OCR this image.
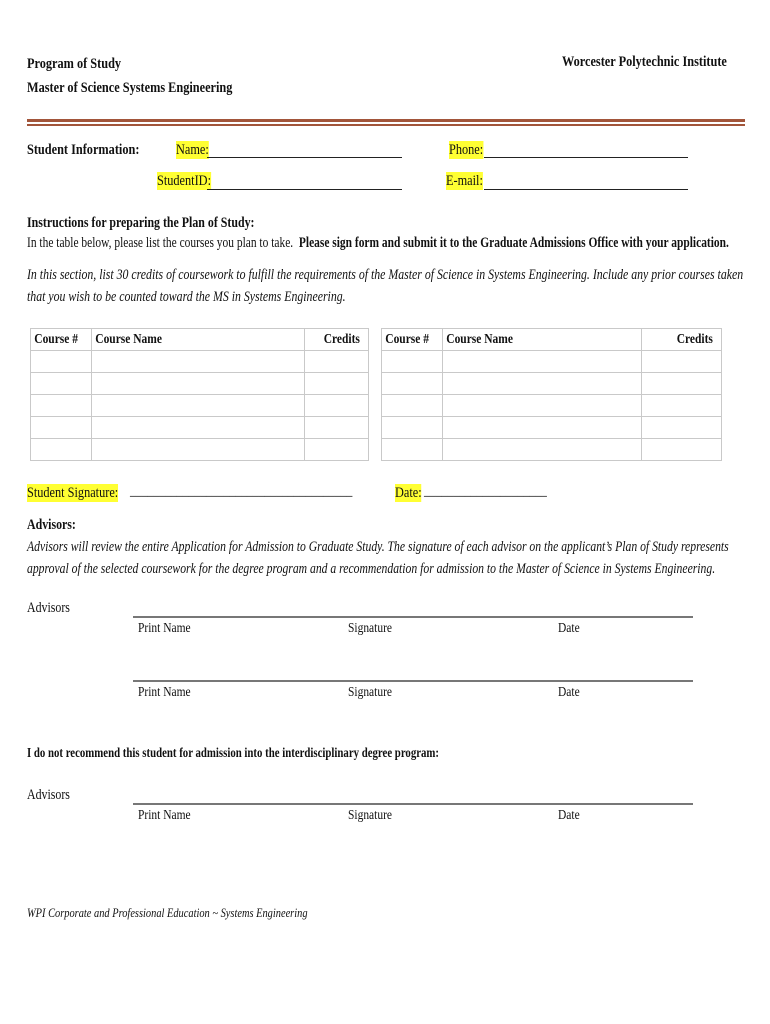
Program of Study
Master of Science Systems Engineering
Worcester Polytechnic Institute
Student Information:	Name:	Phone:
StudentID:	E-mail:
Instructions for preparing the Plan of Study:
In the table below, please list the courses you plan to take. Please sign form and submit it to the Graduate Admissions Office with your application.
In this section, list 30 credits of coursework to fulfill the requirements of the Master of Science in Systems Engineering. Include any prior courses taken that you wish to be counted toward the MS in Systems Engineering.
Course #	Course Name	Credits

		Course #	Course Name	Credits

Student Signature: ______________________________________	Date: _____________________
Advisors:
Advisors will review the entire Application for Admission to Graduate Study. The signature of each advisor on the applicant’s Plan of Study represents approval of the selected coursework for the degree program and a recommendation for admission to the Master of Science in Systems Engineering.
Advisors
Print Name	Signature	Date
Print Name	Signature	Date
I do not recommend this student for admission into the interdisciplinary degree program:
Advisors
Print Name	Signature	Date
WPI Corporate and Professional Education ~ Systems Engineering
